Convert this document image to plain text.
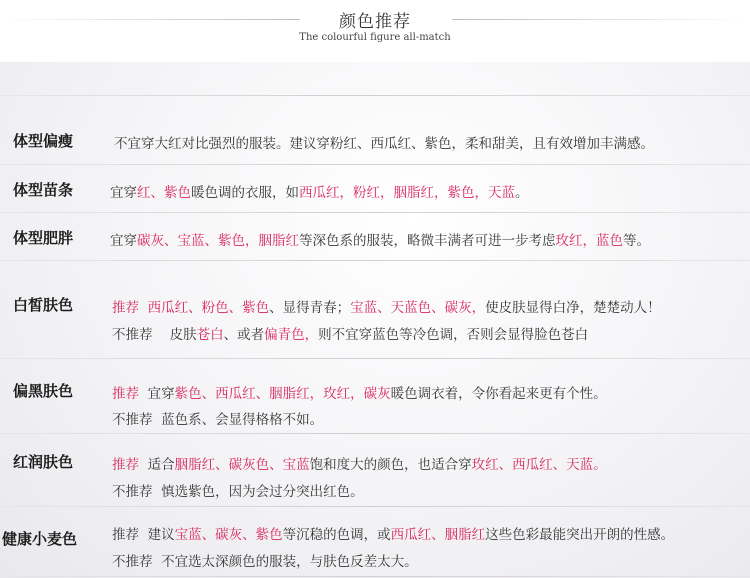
颜色推荐
The colourful figure all-match
体型偏瘦	不宜穿大红对比强烈的服装。建议穿粉红、西瓜红、紫色，柔和甜美，且有效增加丰满感。
体型苗条	宜穿红、紫色暖色调的衣服，如西瓜红，粉红，胭脂红，紫色，天蓝。
体型肥胖	宜穿碳灰、宝蓝、紫色，胭脂红等深色系的服装，略微丰满者可进一步考虑玫红，蓝色等。
白皙肤色	推荐 西瓜红、粉色、紫色、显得青春；宝蓝、天蓝色、碳灰，使皮肤显得白净，楚楚动人！
不推荐    皮肤苍白、或者偏青色，则不宜穿蓝色等冷色调，否则会显得脸色苍白
偏黑肤色	推荐  宜穿紫色、西瓜红、胭脂红，玫红，碳灰暖色调衣着，令你看起来更有个性。
不推荐  蓝色系、会显得格格不如。
红润肤色	推荐  适合胭脂红、碳灰色、宝蓝饱和度大的颜色，也适合穿玫红、西瓜红、天蓝。
不推荐  慎选紫色，因为会过分突出红色。
健康小麦色	推荐  建议宝蓝、碳灰、紫色等沉稳的色调，或西瓜红、胭脂红这些色彩最能突出开朗的性感。
不推荐  不宜选太深颜色的服装，与肤色反差太大。
